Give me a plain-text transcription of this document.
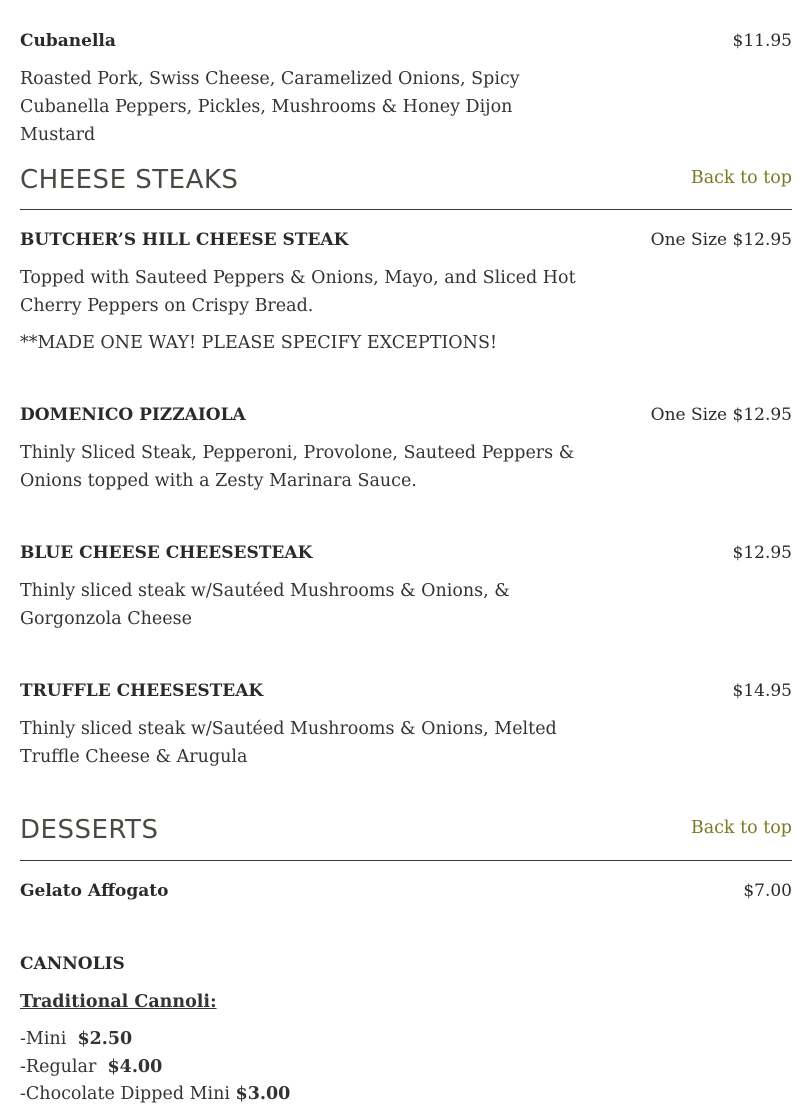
Cubanella	$11.95
Roasted Pork, Swiss Cheese, Caramelized Onions, Spicy Cubanella Peppers, Pickles, Mushrooms & Honey Dijon Mustard
CHEESE STEAKS	Back to top
BUTCHER’S HILL CHEESE STEAK	One Size $12.95
Topped with Sauteed Peppers & Onions, Mayo, and Sliced Hot Cherry Peppers on Crispy Bread.
**MADE ONE WAY! PLEASE SPECIFY EXCEPTIONS!
DOMENICO PIZZAIOLA	One Size $12.95
Thinly Sliced Steak, Pepperoni, Provolone, Sauteed Peppers & Onions topped with a Zesty Marinara Sauce.
BLUE CHEESE CHEESESTEAK	$12.95
Thinly sliced steak w/Sautéed Mushrooms & Onions, & Gorgonzola Cheese
TRUFFLE CHEESESTEAK	$14.95
Thinly sliced steak w/Sautéed Mushrooms & Onions, Melted Truffle Cheese & Arugula
DESSERTS	Back to top
Gelato Affogato	$7.00
CANNOLIS
Traditional Cannoli:
-Mini $2.50
-Regular $4.00
-Chocolate Dipped Mini $3.00
